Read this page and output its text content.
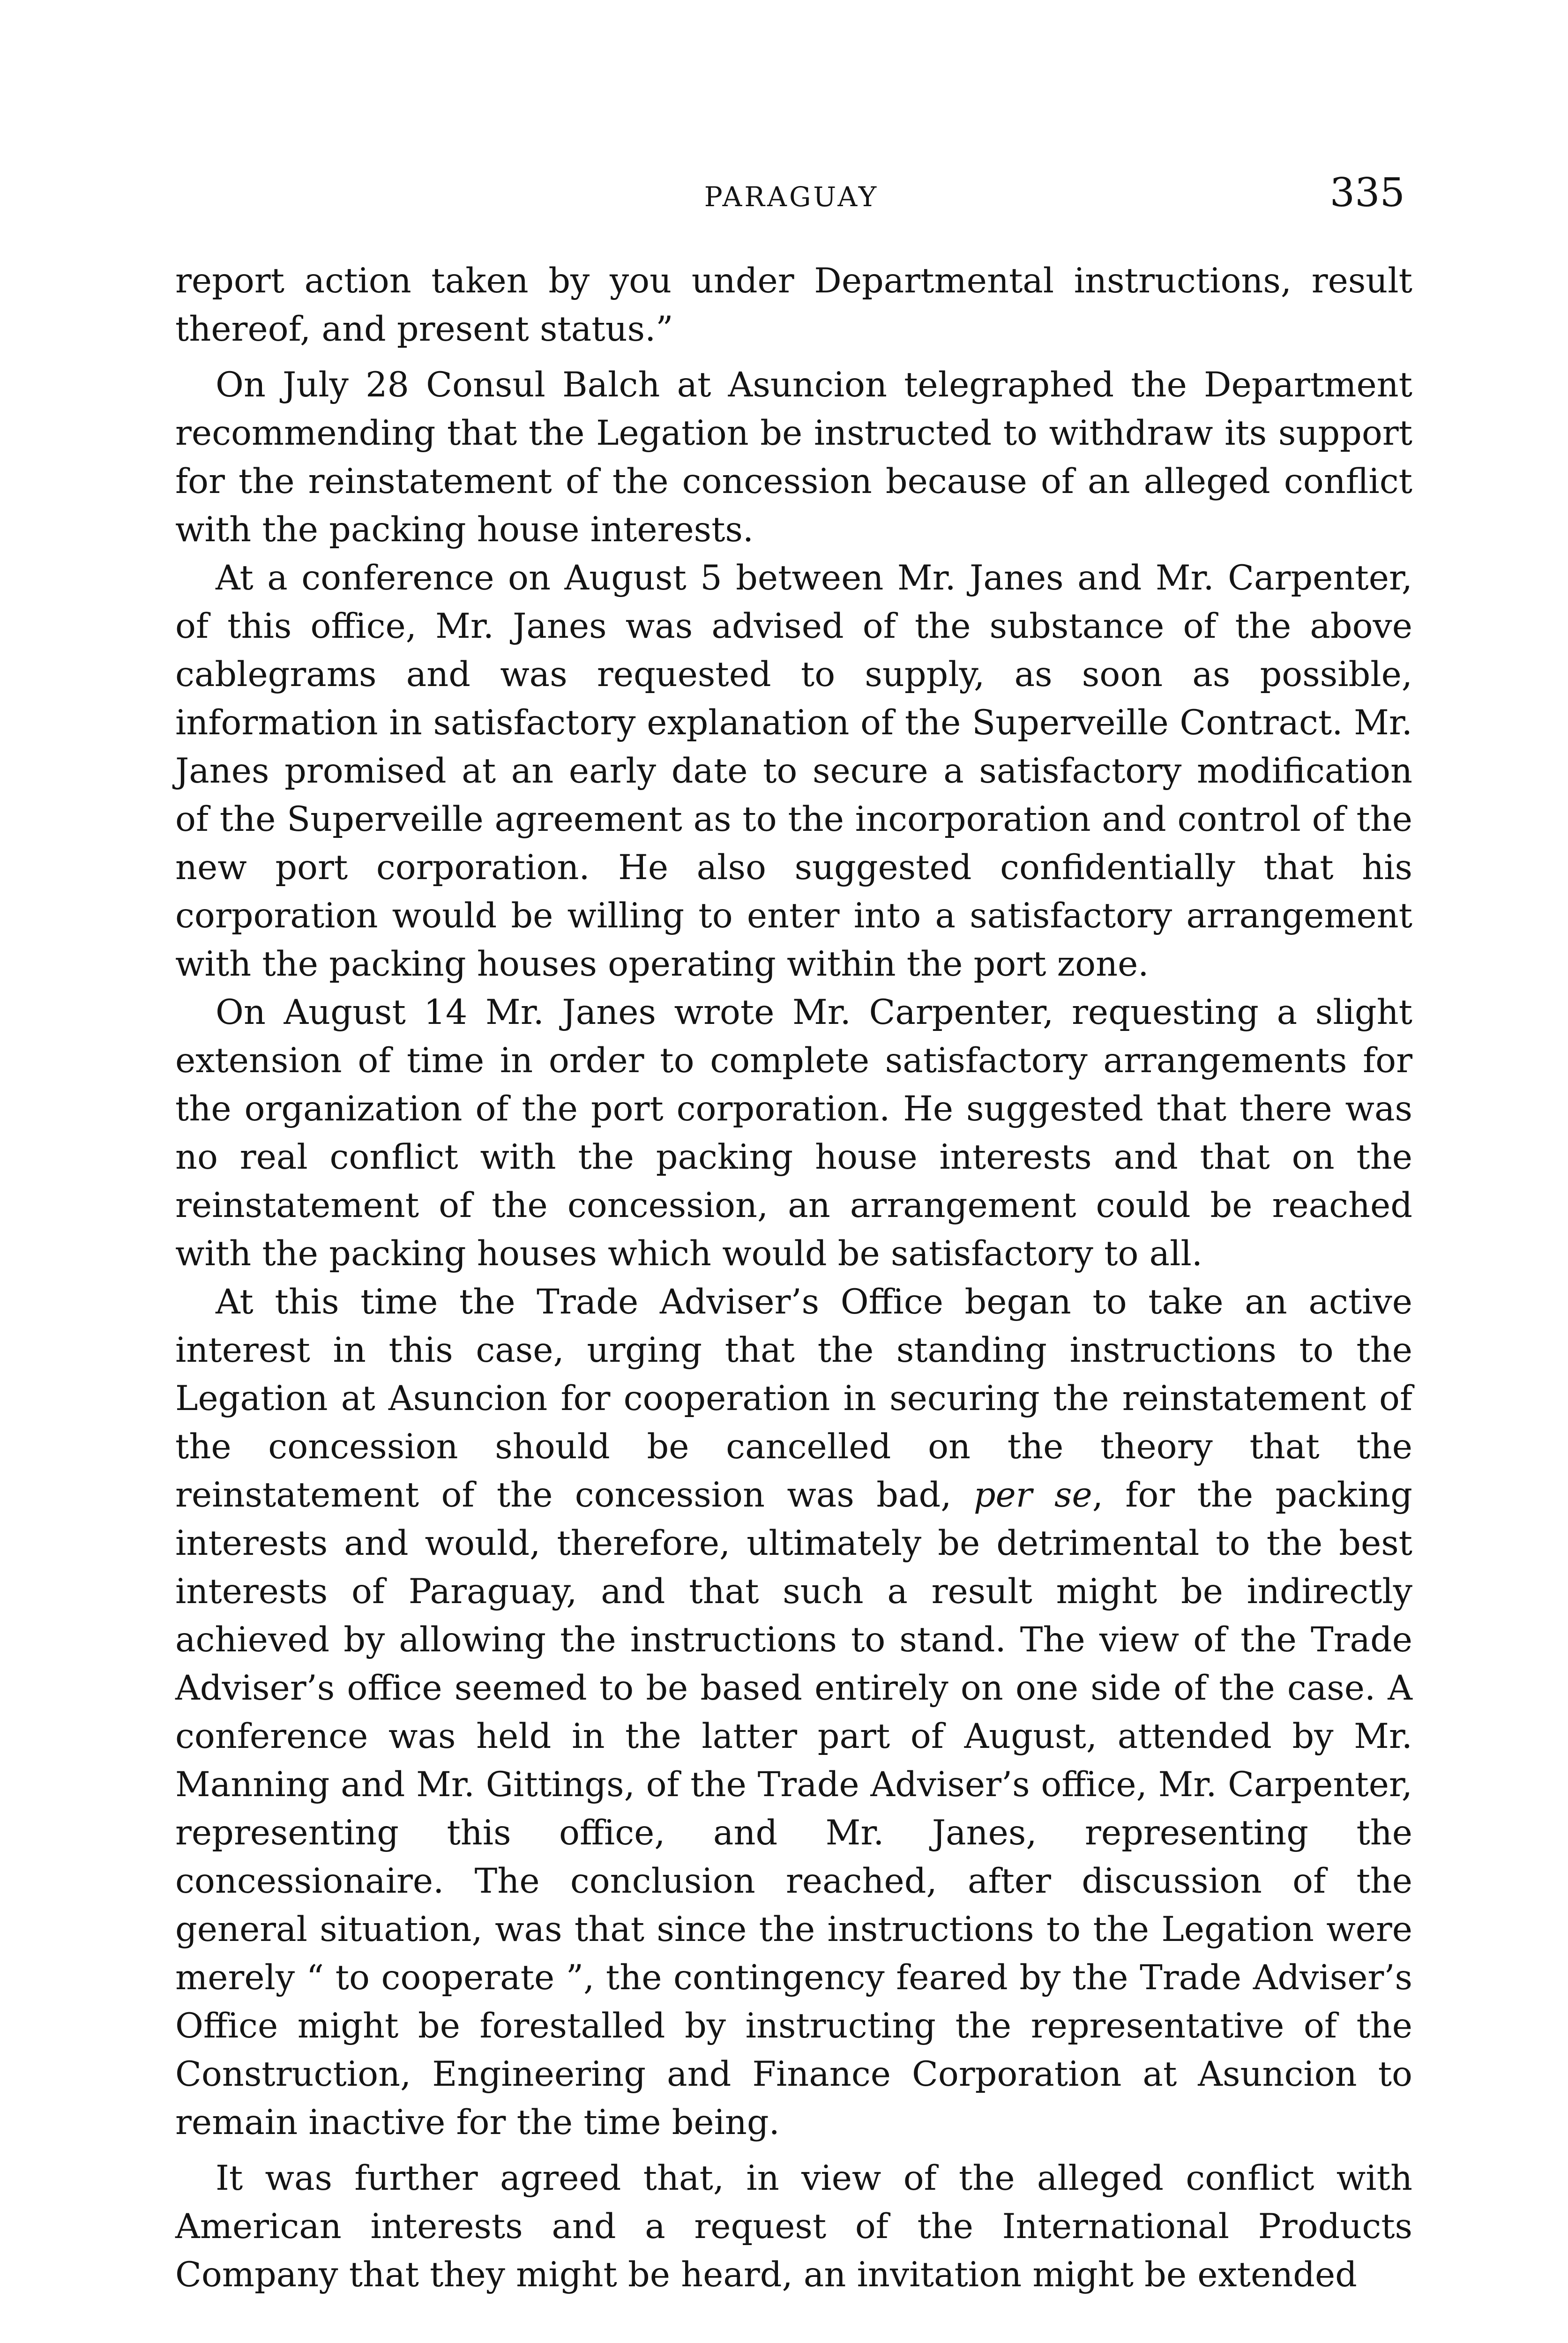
PARAGUAY	335

report action taken by you under Departmental instructions, result thereof, and present status.”

On July 28 Consul Balch at Asuncion telegraphed the Department recommending that the Legation be instructed to withdraw its support for the reinstatement of the concession because of an alleged conflict with the packing house interests.

At a conference on August 5 between Mr. Janes and Mr. Carpenter, of this office, Mr. Janes was advised of the substance of the above cablegrams and was requested to supply, as soon as possible, information in satisfactory explanation of the Superveille Contract. Mr. Janes promised at an early date to secure a satisfactory modification of the Superveille agreement as to the incorporation and control of the new port corporation. He also suggested confidentially that his corporation would be willing to enter into a satisfactory arrangement with the packing houses operating within the port zone.

On August 14 Mr. Janes wrote Mr. Carpenter, requesting a slight extension of time in order to complete satisfactory arrangements for the organization of the port corporation. He suggested that there was no real conflict with the packing house interests and that on the reinstatement of the concession, an arrangement could be reached with the packing houses which would be satisfactory to all.

At this time the Trade Adviser’s Office began to take an active interest in this case, urging that the standing instructions to the Legation at Asuncion for cooperation in securing the reinstatement of the concession should be cancelled on the theory that the reinstatement of the concession was bad, per se, for the packing interests and would, therefore, ultimately be detrimental to the best interests of Paraguay, and that such a result might be indirectly achieved by allowing the instructions to stand. The view of the Trade Adviser’s office seemed to be based entirely on one side of the case. A conference was held in the latter part of August, attended by Mr. Manning and Mr. Gittings, of the Trade Adviser’s office, Mr. Carpenter, representing this office, and Mr. Janes, representing the concessionaire. The conclusion reached, after discussion of the general situation, was that since the instructions to the Legation were merely “ to cooperate ”, the contingency feared by the Trade Adviser’s Office might be forestalled by instructing the representative of the Construction, Engineering and Finance Corporation at Asuncion to remain inactive for the time being.

It was further agreed that, in view of the alleged conflict with American interests and a request of the International Products Company that they might be heard, an invitation might be extended
